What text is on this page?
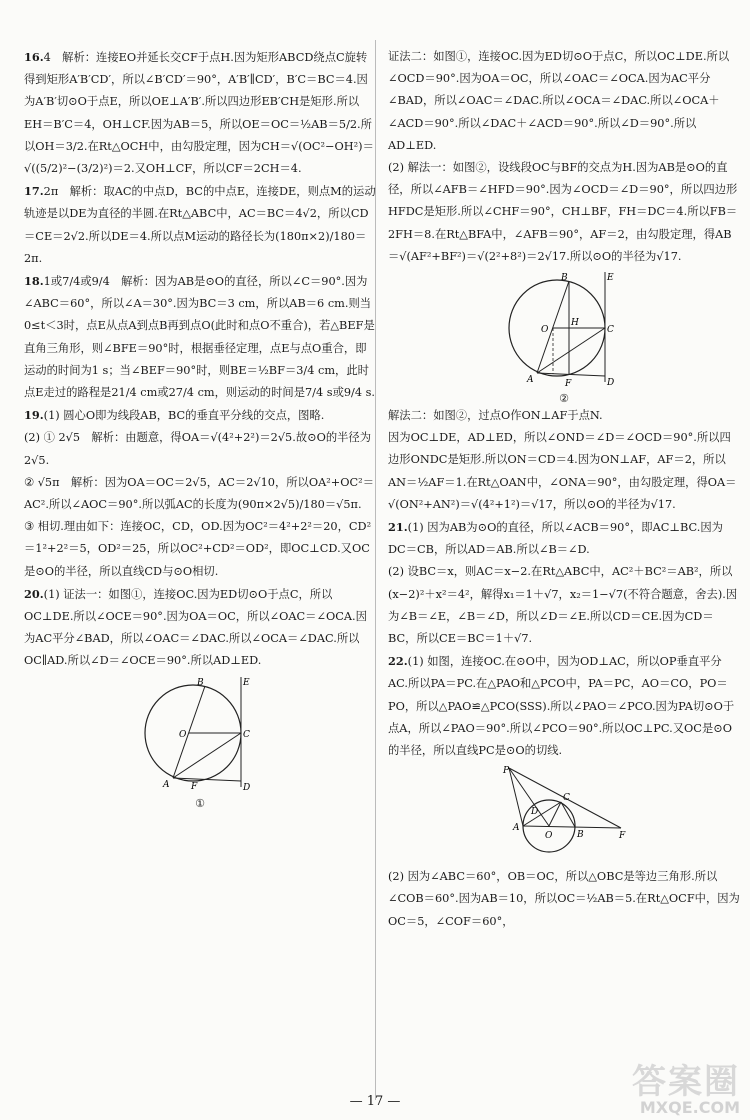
16.4　解析：连接EO并延长交CF于点H.因为矩形ABCD绕点C旋转得到矩形A′B′CD′，所以∠B′CD′＝90°，A′B′∥CD′，B′C＝BC＝4.因为A′B′切⊙O于点E，所以OE⊥A′B′.所以四边形EB′CH是矩形.所以EH＝B′C＝4，OH⊥CF.因为AB＝5，所以OE＝OC＝½AB＝5/2.所以OH＝3/2.在Rt△OCH中，由勾股定理，因为CH＝√(OC²−OH²)＝√((5/2)²−(3/2)²)＝2.又OH⊥CF，所以CF＝2CH＝4.

17.2π　解析：取AC的中点D，BC的中点E，连接DE，则点M的运动轨迹是以DE为直径的半圆.在Rt△ABC中，AC＝BC＝4√2，所以CD＝CE＝2√2.所以DE＝4.所以点M运动的路径长为(180π×2)/180＝2π.

18.1或7/4或9/4　解析：因为AB是⊙O的直径，所以∠C＝90°.因为∠ABC＝60°，所以∠A＝30°.因为BC＝3 cm，所以AB＝6 cm.则当0≤t＜3时，点E从点A到点B再到点O(此时和点O不重合)，若△BEF是直角三角形，则∠BFE＝90°时，根据垂径定理，点E与点O重合，即运动的时间为1 s；当∠BEF＝90°时，则BE＝½BF＝3/4 cm，此时点E走过的路程是21/4 cm或27/4 cm，则运动的时间是7/4 s或9/4 s.

19.(1) 圆心O即为线段AB，BC的垂直平分线的交点，图略.
(2) ① 2√5　解析：由题意，得OA＝√(4²+2²)＝2√5.故⊙O的半径为2√5.
② √5π　解析：因为OA＝OC＝2√5，AC＝2√10，所以OA²+OC²＝AC².所以∠AOC＝90°.所以弧AC的长度为(90π×2√5)/180＝√5π.
③ 相切.理由如下：连接OC，CD，OD.因为OC²＝4²+2²＝20，CD²＝1²+2²＝5，OD²＝25，所以OC²+CD²＝OD²，即OC⊥CD.又OC是⊙O的半径，所以直线CD与⊙O相切.

20.(1) 证法一：如图①，连接OC.因为ED切⊙O于点C，所以OC⊥DE.所以∠OCE＝90°.因为OA＝OC，所以∠OAC＝∠OCA.因为AC平分∠BAD，所以∠OAC＝∠DAC.所以∠OCA＝∠DAC.所以OC∥AD.所以∠D＝∠OCE＝90°.所以AD⊥ED.

B	E
O	C
A F	D
①

证法二：如图①，连接OC.因为ED切⊙O于点C，所以OC⊥DE.所以∠OCD＝90°.因为OA＝OC，所以∠OAC＝∠OCA.因为AC平分∠BAD，所以∠OAC＝∠DAC.所以∠OCA＝∠DAC.所以∠OCA＋∠ACD＝90°.所以∠DAC＋∠ACD＝90°.所以∠D＝90°.所以AD⊥ED.
(2) 解法一：如图②，设线段OC与BF的交点为H.因为AB是⊙O的直径，所以∠AFB＝∠HFD＝90°.因为∠OCD＝∠D＝90°，所以四边形HFDC是矩形.所以∠CHF＝90°，CH⊥BF，FH＝DC＝4.所以FB＝2FH＝8.在Rt△BFA中，∠AFB＝90°，AF＝2，由勾股定理，得AB＝√(AF²+BF²)＝√(2²+8²)＝2√17.所以⊙O的半径为√17.

B	E
O
H
C
A	F	D
②

解法二：如图②，过点O作ON⊥AF于点N.
因为OC⊥DE，AD⊥ED，所以∠OND＝∠D＝∠OCD＝90°.所以四边形ONDC是矩形.所以ON＝CD＝4.因为ON⊥AF，AF＝2，所以AN＝½AF＝1.在Rt△OAN中，∠ONA＝90°，由勾股定理，得OA＝√(ON²+AN²)＝√(4²+1²)＝√17，所以⊙O的半径为√17.

21.(1) 因为AB为⊙O的直径，所以∠ACB＝90°，即AC⊥BC.因为DC＝CB，所以AD＝AB.所以∠B＝∠D.
(2) 设BC＝x，则AC＝x−2.在Rt△ABC中，AC²＋BC²＝AB²，所以(x−2)²＋x²＝4²，解得x₁＝1＋√7，x₂＝1−√7(不符合题意，舍去).因为∠B＝∠E，∠B＝∠D，所以∠D＝∠E.所以CD＝CE.因为CD＝BC，所以CE＝BC＝1＋√7.

22.(1) 如图，连接OC.在⊙O中，因为OD⊥AC，所以OP垂直平分AC.所以PA＝PC.在△PAO和△PCO中，PA＝PC，AO＝CO，PO＝PO，所以△PAO≌△PCO(SSS).所以∠PAO＝∠PCO.因为PA切⊙O于点A，所以∠PAO＝90°.所以∠PCO＝90°.所以OC⊥PC.又OC是⊙O的半径，所以直线PC是⊙O的切线.

P
C
D
A
O	B	F

(2) 因为∠ABC＝60°，OB＝OC，所以△OBC是等边三角形.所以∠COB＝60°.因为AB＝10，所以OC＝½AB＝5.在Rt△OCF中，因为OC＝5，∠COF＝60°，

— 17 —	答案圈
MXQE.COM
